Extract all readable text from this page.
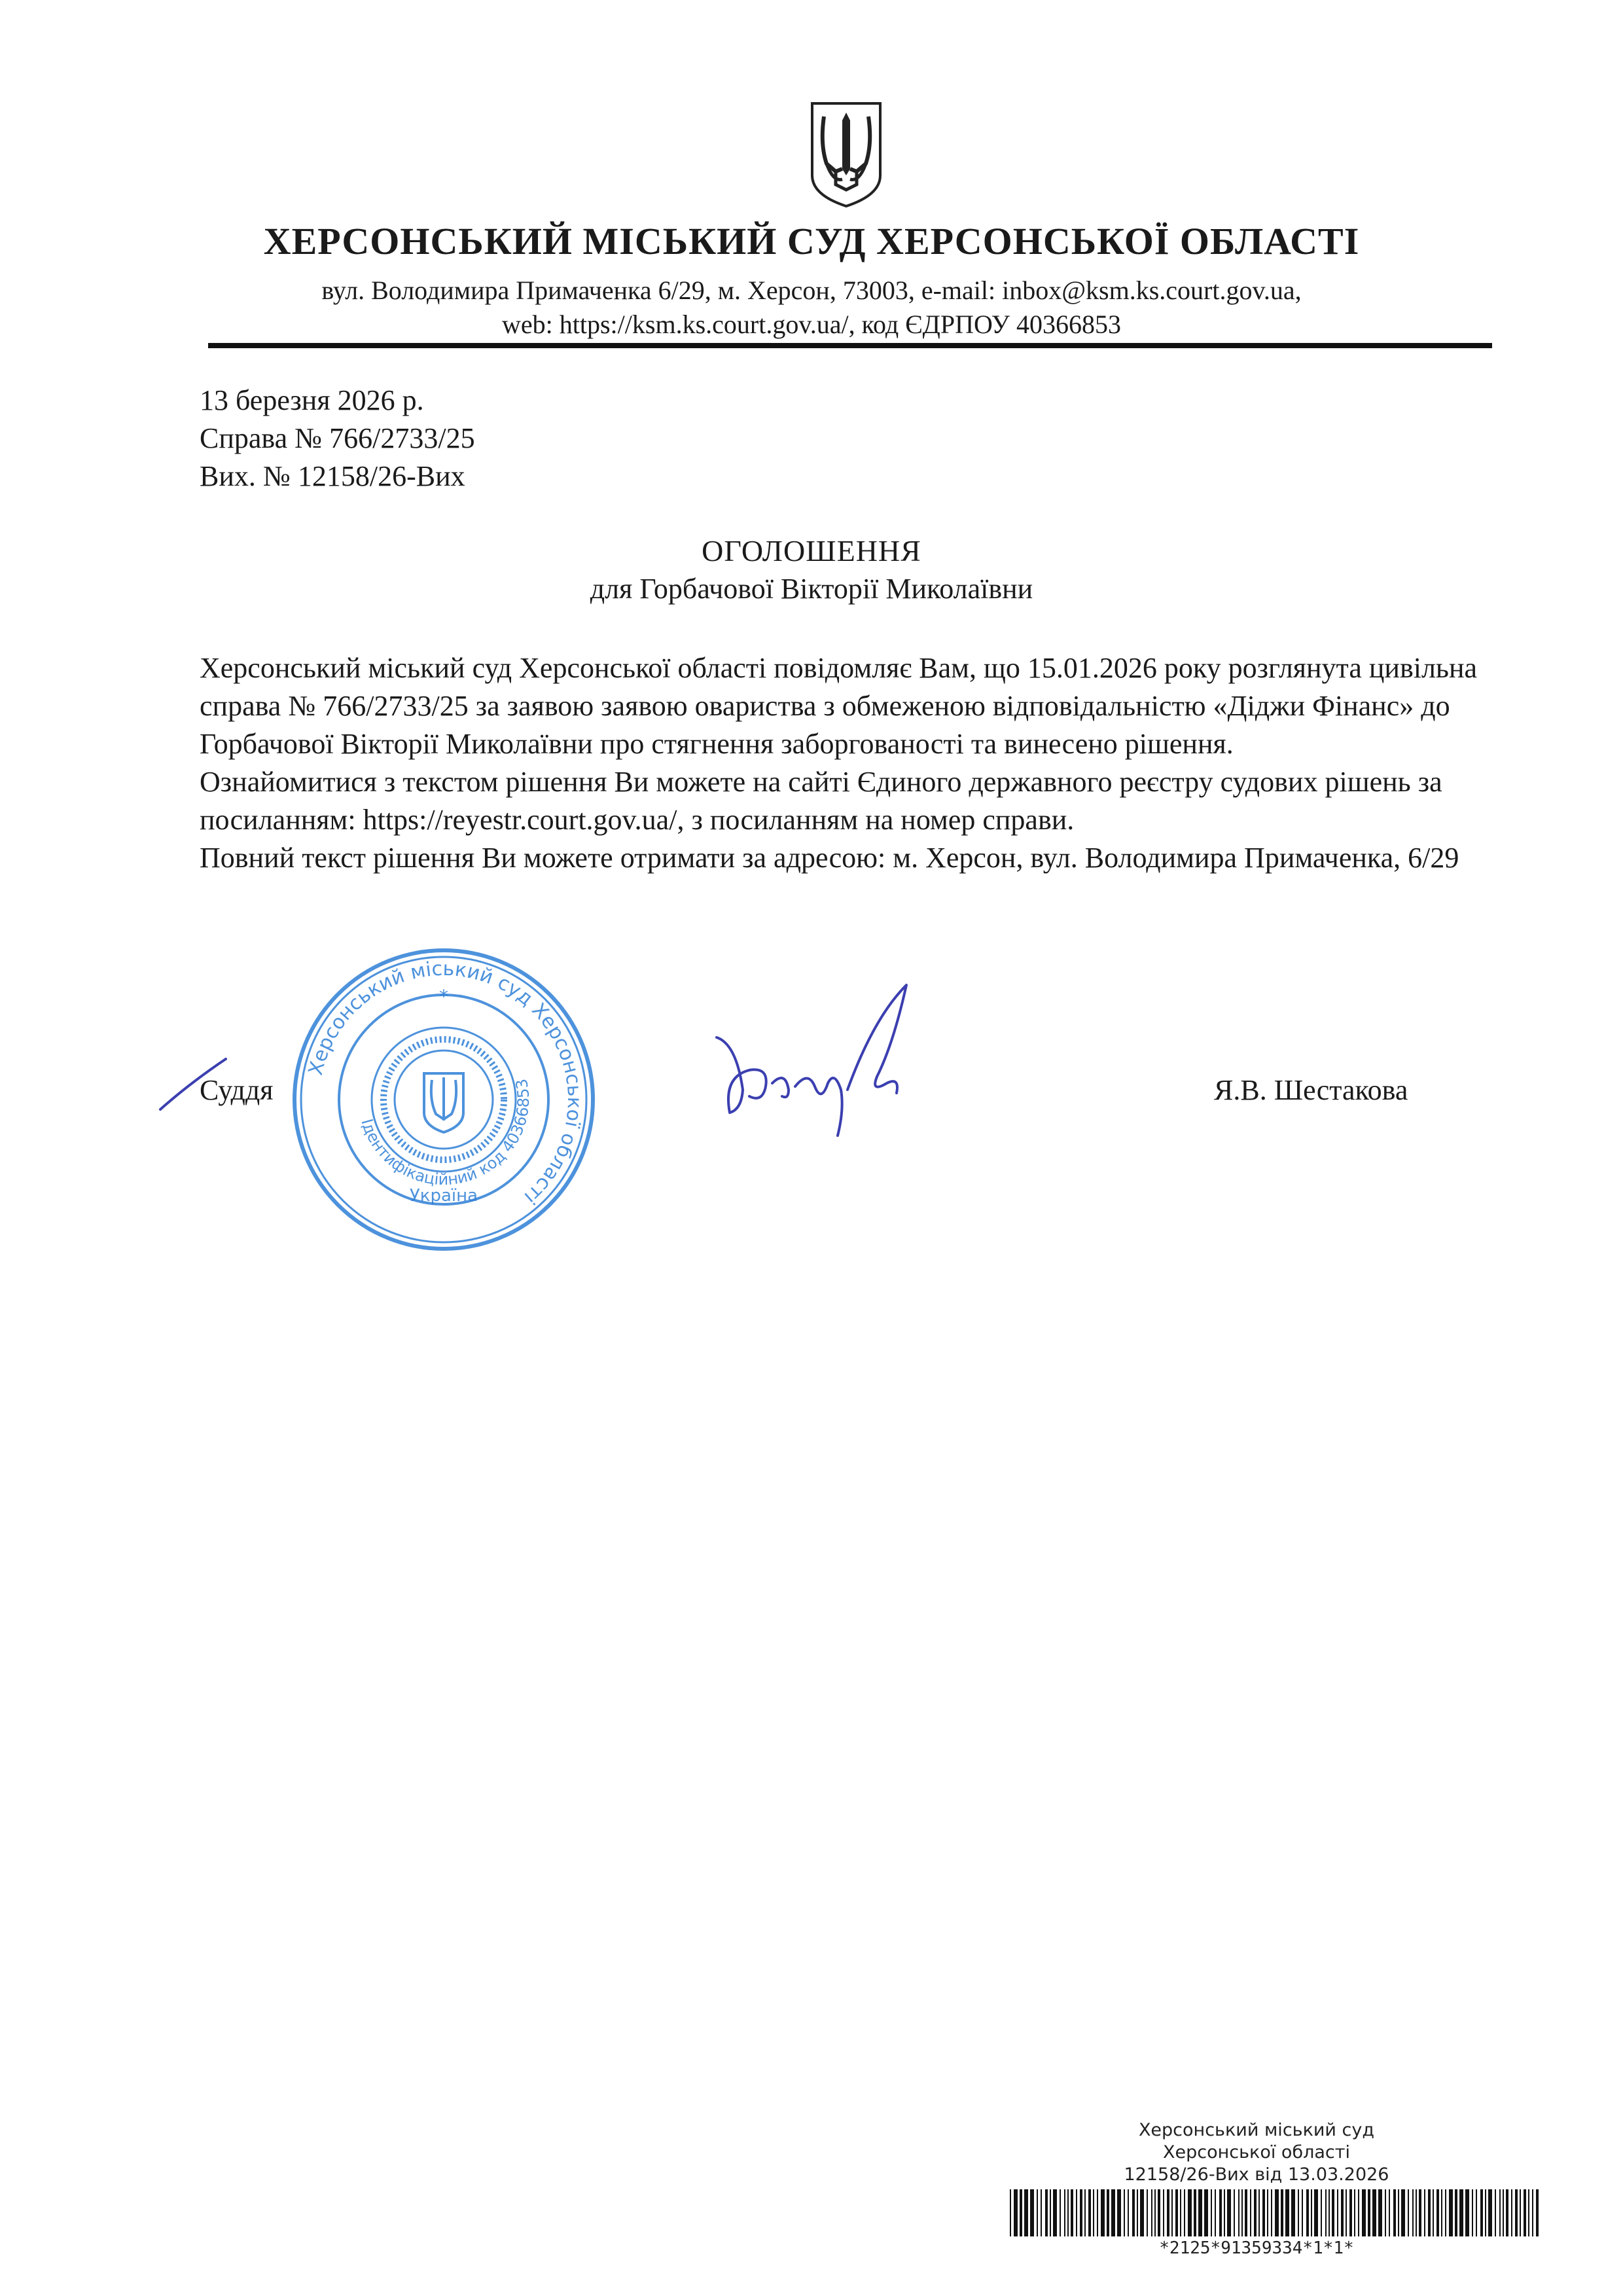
ХЕРСОНСЬКИЙ МІСЬКИЙ СУД ХЕРСОНСЬКОЇ ОБЛАСТІ
вул. Володимира Примаченка 6/29, м. Херсон, 73003, e-mail: inbox@ksm.ks.court.gov.ua,
web: https://ksm.ks.court.gov.ua/, код ЄДРПОУ 40366853
13 березня 2026 р.
Справа № 766/2733/25
Вих. № 12158/26-Вих
ОГОЛОШЕННЯ
для Горбачової Вікторії Миколаївни

Херсонський міський суд Херсонської області повідомляє Вам, що 15.01.2026 року розглянута цивільна справа № 766/2733/25 за заявою заявою овариства з обмеженою відповідальністю «Діджи Фінанс» до Горбачової Вікторії Миколаївни про стягнення заборгованості та винесено рішення.

Ознайомитися з текстом рішення Ви можете на сайті Єдиного державного реєстру судових рішень за посиланням: https://reyestr.court.gov.ua/, з посиланням на номер справи.

Повний текст рішення Ви можете отримати за адресою: м. Херсон, вул. Володимира Примаченка, 6/29

Суддя	Я.В. Шестакова
Херсонський міський суд Херсонської області
Ідентифікаційний код 40366853
Україна
*
Херсонський міський суд
Херсонської області
12158/26-Вих від 13.03.2026
*2125*91359334*1*1*
